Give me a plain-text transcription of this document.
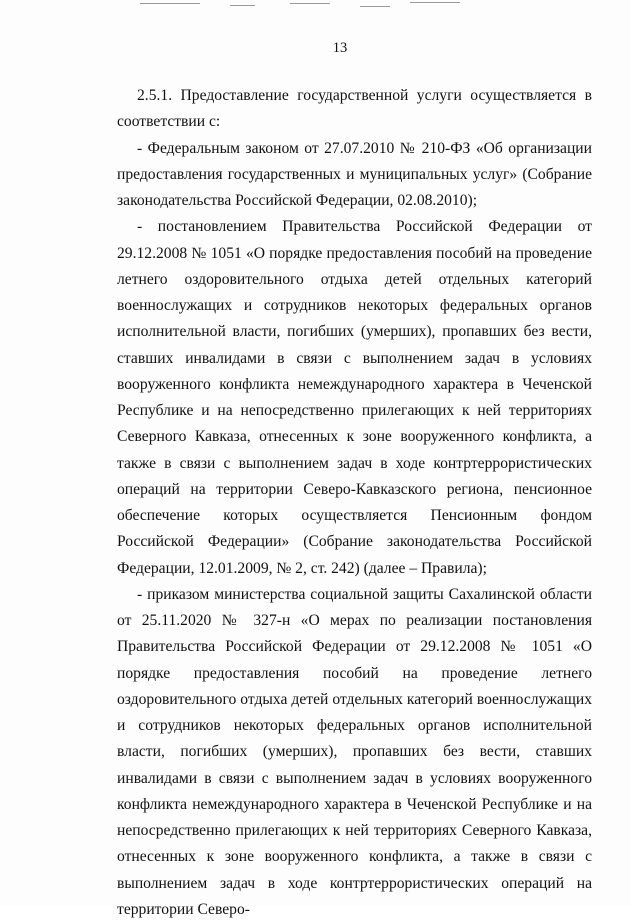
13

2.5.1. Предоставление государственной услуги осуществляется в соответствии с:

- Федеральным законом от 27.07.2010 № 210-ФЗ «Об организации предоставления государственных и муниципальных услуг» (Собрание законодательства Российской Федерации, 02.08.2010);

- постановлением Правительства Российской Федерации от 29.12.2008 № 1051 «О порядке предоставления пособий на проведение летнего оздоровительного отдыха детей отдельных категорий военнослужащих и сотрудников некоторых федеральных органов исполнительной власти, погибших (умерших), пропавших без вести, ставших инвалидами в связи с выполнением задач в условиях вооруженного конфликта немеждународного характера в Чеченской Республике и на непосредственно прилегающих к ней территориях Северного Кавказа, отнесенных к зоне вооруженного конфликта, а также в связи с выполнением задач в ходе контртеррористических операций на территории Северо-Кавказского региона, пенсионное обеспечение которых осуществляется Пенсионным фондом Российской Федерации» (Собрание законодательства Российской Федерации, 12.01.2009, № 2, ст. 242) (далее – Правила);

- приказом министерства социальной защиты Сахалинской области от 25.11.2020 № 327-н «О мерах по реализации постановления Правительства Российской Федерации от 29.12.2008 № 1051 «О порядке предоставления пособий на проведение летнего оздоровительного отдыха детей отдельных категорий военнослужащих и сотрудников некоторых федеральных органов исполнительной власти, погибших (умерших), пропавших без вести, ставших инвалидами в связи с выполнением задач в условиях вооруженного конфликта немеждународного характера в Чеченской Республике и на непосредственно прилегающих к ней территориях Северного Кавказа, отнесенных к зоне вооруженного конфликта, а также в связи с выполнением задач в ходе контртеррористических операций на территории Северо-
